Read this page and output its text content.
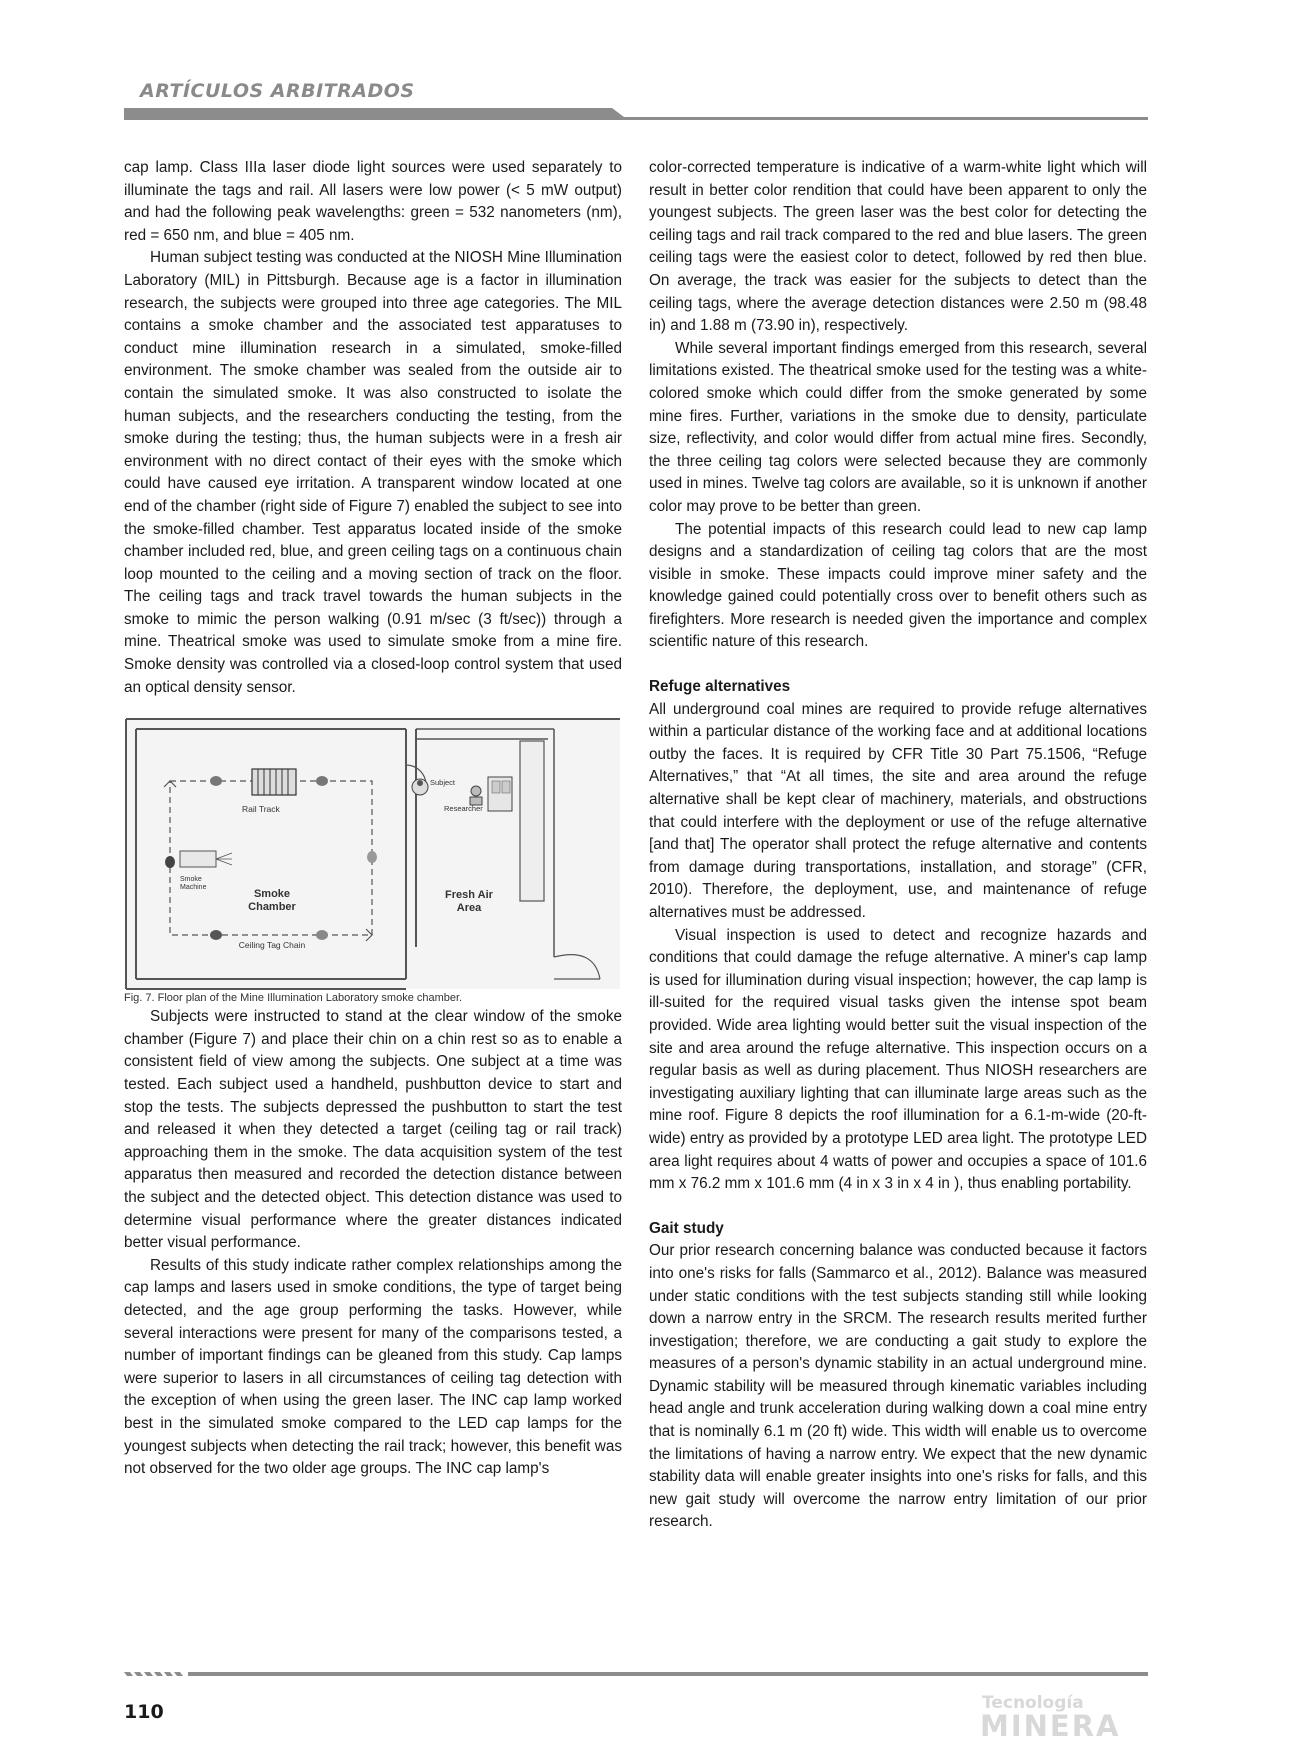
ARTÍCULOS ARBITRADOS

cap lamp. Class IIIa laser diode light sources were used separately to illuminate the tags and rail. All lasers were low power (< 5 mW output) and had the following peak wavelengths: green = 532 nanometers (nm), red = 650 nm, and blue = 405 nm.

Human subject testing was conducted at the NIOSH Mine Illumination Laboratory (MIL) in Pittsburgh. Because age is a factor in illumination research, the subjects were grouped into three age categories. The MIL contains a smoke chamber and the associated test apparatuses to conduct mine illumination research in a simulated, smoke-filled environment. The smoke chamber was sealed from the outside air to contain the simulated smoke. It was also constructed to isolate the human subjects, and the researchers conducting the testing, from the smoke during the testing; thus, the human subjects were in a fresh air environment with no direct contact of their eyes with the smoke which could have caused eye irritation. A transparent window located at one end of the chamber (right side of Figure 7) enabled the subject to see into the smoke-filled chamber. Test apparatus located inside of the smoke chamber included red, blue, and green ceiling tags on a continuous chain loop mounted to the ceiling and a moving section of track on the floor. The ceiling tags and track travel towards the human subjects in the smoke to mimic the person walking (0.91 m/sec (3 ft/sec)) through a mine. Theatrical smoke was used to simulate smoke from a mine fire. Smoke density was controlled via a closed-loop control system that used an optical density sensor.

Rail Track
Smoke
Machine
Smoke
Chamber
Fresh Air
Area
Ceiling Tag Chain
Subject
Researcher

Fig. 7. Floor plan of the Mine Illumination Laboratory smoke chamber.

Subjects were instructed to stand at the clear window of the smoke chamber (Figure 7) and place their chin on a chin rest so as to enable a consistent field of view among the subjects. One subject at a time was tested. Each subject used a handheld, pushbutton device to start and stop the tests. The subjects depressed the pushbutton to start the test and released it when they detected a target (ceiling tag or rail track) approaching them in the smoke. The data acquisition system of the test apparatus then measured and recorded the detection distance between the subject and the detected object. This detection distance was used to determine visual performance where the greater distances indicated better visual performance.

Results of this study indicate rather complex relationships among the cap lamps and lasers used in smoke conditions, the type of target being detected, and the age group performing the tasks. However, while several interactions were present for many of the comparisons tested, a number of important findings can be gleaned from this study. Cap lamps were superior to lasers in all circumstances of ceiling tag detection with the exception of when using the green laser. The INC cap lamp worked best in the simulated smoke compared to the LED cap lamps for the youngest subjects when detecting the rail track; however, this benefit was not observed for the two older age groups. The INC cap lamp's

color-corrected temperature is indicative of a warm-white light which will result in better color rendition that could have been apparent to only the youngest subjects. The green laser was the best color for detecting the ceiling tags and rail track compared to the red and blue lasers. The green ceiling tags were the easiest color to detect, followed by red then blue. On average, the track was easier for the subjects to detect than the ceiling tags, where the average detection distances were 2.50 m (98.48 in) and 1.88 m (73.90 in), respectively.

While several important findings emerged from this research, several limitations existed. The theatrical smoke used for the testing was a white-colored smoke which could differ from the smoke generated by some mine fires. Further, variations in the smoke due to density, particulate size, reflectivity, and color would differ from actual mine fires. Secondly, the three ceiling tag colors were selected because they are commonly used in mines. Twelve tag colors are available, so it is unknown if another color may prove to be better than green.

The potential impacts of this research could lead to new cap lamp designs and a standardization of ceiling tag colors that are the most visible in smoke. These impacts could improve miner safety and the knowledge gained could potentially cross over to benefit others such as firefighters. More research is needed given the importance and complex scientific nature of this research.

Refuge alternatives

All underground coal mines are required to provide refuge alternatives within a particular distance of the working face and at additional locations outby the faces. It is required by CFR Title 30 Part 75.1506, “Refuge Alternatives,” that “At all times, the site and area around the refuge alternative shall be kept clear of machinery, materials, and obstructions that could interfere with the deployment or use of the refuge alternative [and that] The operator shall protect the refuge alternative and contents from damage during transportations, installation, and storage” (CFR, 2010). Therefore, the deployment, use, and maintenance of refuge alternatives must be addressed.

Visual inspection is used to detect and recognize hazards and conditions that could damage the refuge alternative. A miner's cap lamp is used for illumination during visual inspection; however, the cap lamp is ill-suited for the required visual tasks given the intense spot beam provided. Wide area lighting would better suit the visual inspection of the site and area around the refuge alternative. This inspection occurs on a regular basis as well as during placement. Thus NIOSH researchers are investigating auxiliary lighting that can illuminate large areas such as the mine roof. Figure 8 depicts the roof illumination for a 6.1-m-wide (20-ft-wide) entry as provided by a prototype LED area light. The prototype LED area light requires about 4 watts of power and occupies a space of 101.6 mm x 76.2 mm x 101.6 mm (4 in x 3 in x 4 in ), thus enabling portability.

Gait study

Our prior research concerning balance was conducted because it factors into one's risks for falls (Sammarco et al., 2012). Balance was measured under static conditions with the test subjects standing still while looking down a narrow entry in the SRCM. The research results merited further investigation; therefore, we are conducting a gait study to explore the measures of a person's dynamic stability in an actual underground mine. Dynamic stability will be measured through kinematic variables including head angle and trunk acceleration during walking down a coal mine entry that is nominally 6.1 m (20 ft) wide. This width will enable us to overcome the limitations of having a narrow entry. We expect that the new dynamic stability data will enable greater insights into one's risks for falls, and this new gait study will overcome the narrow entry limitation of our prior research.

110	Tecnología
MINERA
